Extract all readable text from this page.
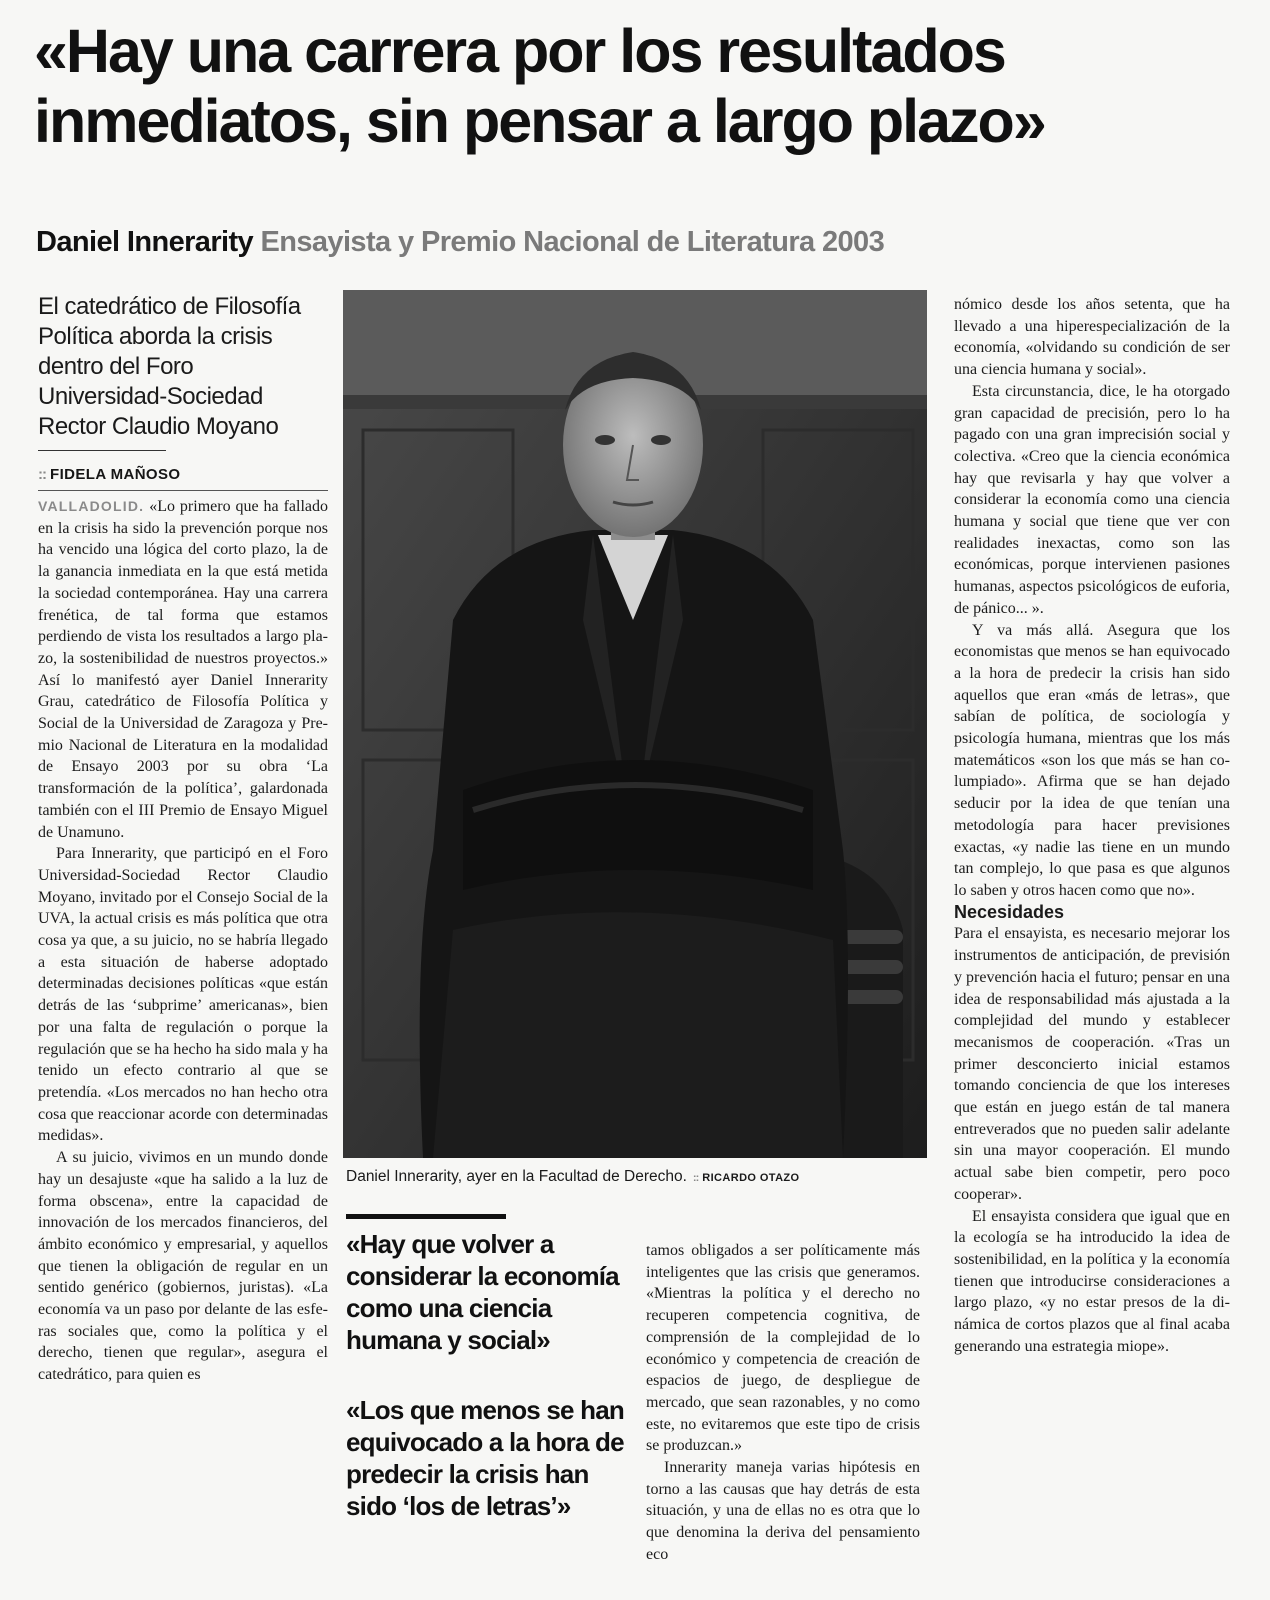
«Hay una carrera por los resultados
inmediatos, sin pensar a largo plazo»
Daniel Innerarity Ensayista y Premio Nacional de Literatura 2003
El catedrático de Filosofía Política aborda la crisis dentro del Foro Universidad-Sociedad Rector Claudio Moyano
:: FIDELA MAÑOSO

VALLADOLID. «Lo primero que ha fallado en la crisis ha sido la prevención porque nos ha vencido una lógica del corto plazo, la de la ganancia inmediata en la que está metida la sociedad contemporánea. Hay una carrera frenética, de tal forma que estamos perdiendo de vista los resultados a largo plazo, la sostenibilidad de nuestros proyectos.» Así lo manifestó ayer Daniel Innerarity Grau, catedrático de Filosofía Política y Social de la Universidad de Zaragoza y Premio Nacional de Literatura en la modalidad de Ensayo 2003 por su obra ‘La transformación de la política’, galardonada también con el III Premio de Ensayo Miguel de Unamuno.

Para Innerarity, que participó en el Foro Universidad-Sociedad Rector Claudio Moyano, invitado por el Consejo Social de la UVA, la actual crisis es más política que otra cosa ya que, a su juicio, no se habría llegado a esta situación de haberse adoptado determinadas decisiones políticas «que están detrás de las ‘subprime’ americanas», bien por una falta de regulación o porque la regulación que se ha hecho ha sido mala y ha tenido un efecto contrario al que se pretendía. «Los mercados no han hecho otra cosa que reaccionar acorde con determinadas medidas».

A su juicio, vivimos en un mundo donde hay un desajuste «que ha salido a la luz de forma obscena», entre la capacidad de innovación de los mercados financieros, del ámbito económico y empresarial, y aquellos que tienen la obligación de regular en un sentido genérico (gobiernos, juristas). «La economía va un paso por delante de las esferas sociales que, como la política y el derecho, tienen que regular», asegura el catedrático, para quien es

Daniel Innerarity, ayer en la Facultad de Derecho. :: RICARDO OTAZO
«Hay que volver a considerar la economía como una ciencia humana y social»
«Los que menos se han equivocado a la hora de predecir la crisis han sido ‘los de letras’»

tamos obligados a ser políticamente más inteligentes que las crisis que generamos. «Mientras la política y el derecho no recuperen competencia cognitiva, de comprensión de la complejidad de lo económico y competencia de creación de espacios de juego, de despliegue de mercado, que sean razonables, y no como este, no evitaremos que este tipo de crisis se produzcan.»

Innerarity maneja varias hipótesis en torno a las causas que hay detrás de esta situación, y una de ellas no es otra que lo que denomina la deriva del pensamiento eco

nómico desde los años setenta, que ha llevado a una hiperespecialización de la economía, «olvidando su condición de ser una ciencia humana y social».

Esta circunstancia, dice, le ha otorgado gran capacidad de precisión, pero lo ha pagado con una gran imprecisión social y colectiva. «Creo que la ciencia económica hay que revisarla y hay que volver a considerar la economía como una ciencia humana y social que tiene que ver con realidades inexactas, como son las económicas, porque intervienen pasiones humanas, aspectos psicológicos de euforia, de pánico... ».

Y va más allá. Asegura que los economistas que menos se han equivocado a la hora de predecir la crisis han sido aquellos que eran «más de letras», que sabían de política, de sociología y psicología humana, mientras que los más matemáticos «son los que más se han columpiado». Afirma que se han dejado seducir por la idea de que tenían una metodología para hacer previsiones exactas, «y nadie las tiene en un mundo tan complejo, lo que pasa es que algunos lo saben y otros hacen como que no».

Necesidades

Para el ensayista, es necesario mejorar los instrumentos de anticipación, de previsión y prevención hacia el futuro; pensar en una idea de responsabilidad más ajustada a la complejidad del mundo y establecer mecanismos de cooperación. «Tras un primer desconcierto inicial estamos tomando conciencia de que los intereses que están en juego están de tal manera entreverados que no pueden salir adelante sin una mayor cooperación. El mundo actual sabe bien competir, pero poco cooperar».

El ensayista considera que igual que en la ecología se ha introducido la idea de sostenibilidad, en la política y la economía tienen que introducirse consideraciones a largo plazo, «y no estar presos de la dinámica de cortos plazos que al final acaba generando una estrategia miope».
